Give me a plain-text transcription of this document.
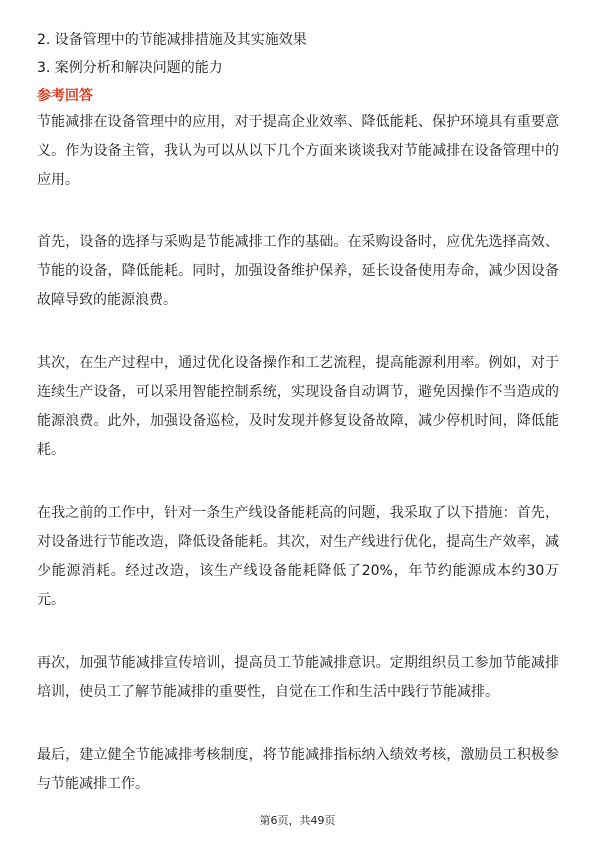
2. 设备管理中的节能减排措施及其实施效果
3. 案例分析和解决问题的能力
参考回答

节能减排在设备管理中的应用，对于提高企业效率、降低能耗、保护环境具有重要意义。作为设备主管，我认为可以从以下几个方面来谈谈我对节能减排在设备管理中的应用。

首先，设备的选择与采购是节能减排工作的基础。在采购设备时，应优先选择高效、节能的设备，降低能耗。同时，加强设备维护保养，延长设备使用寿命，减少因设备故障导致的能源浪费。

其次，在生产过程中，通过优化设备操作和工艺流程，提高能源利用率。例如，对于连续生产设备，可以采用智能控制系统，实现设备自动调节，避免因操作不当造成的能源浪费。此外，加强设备巡检，及时发现并修复设备故障，减少停机时间，降低能耗。

在我之前的工作中，针对一条生产线设备能耗高的问题，我采取了以下措施：首先，对设备进行节能改造，降低设备能耗。其次，对生产线进行优化，提高生产效率，减少能源消耗。经过改造，该生产线设备能耗降低了20%，年节约能源成本约30万元。

再次，加强节能减排宣传培训，提高员工节能减排意识。定期组织员工参加节能减排培训，使员工了解节能减排的重要性，自觉在工作和生活中践行节能减排。

最后，建立健全节能减排考核制度，将节能减排指标纳入绩效考核，激励员工积极参与节能减排工作。

第6页，共49页
